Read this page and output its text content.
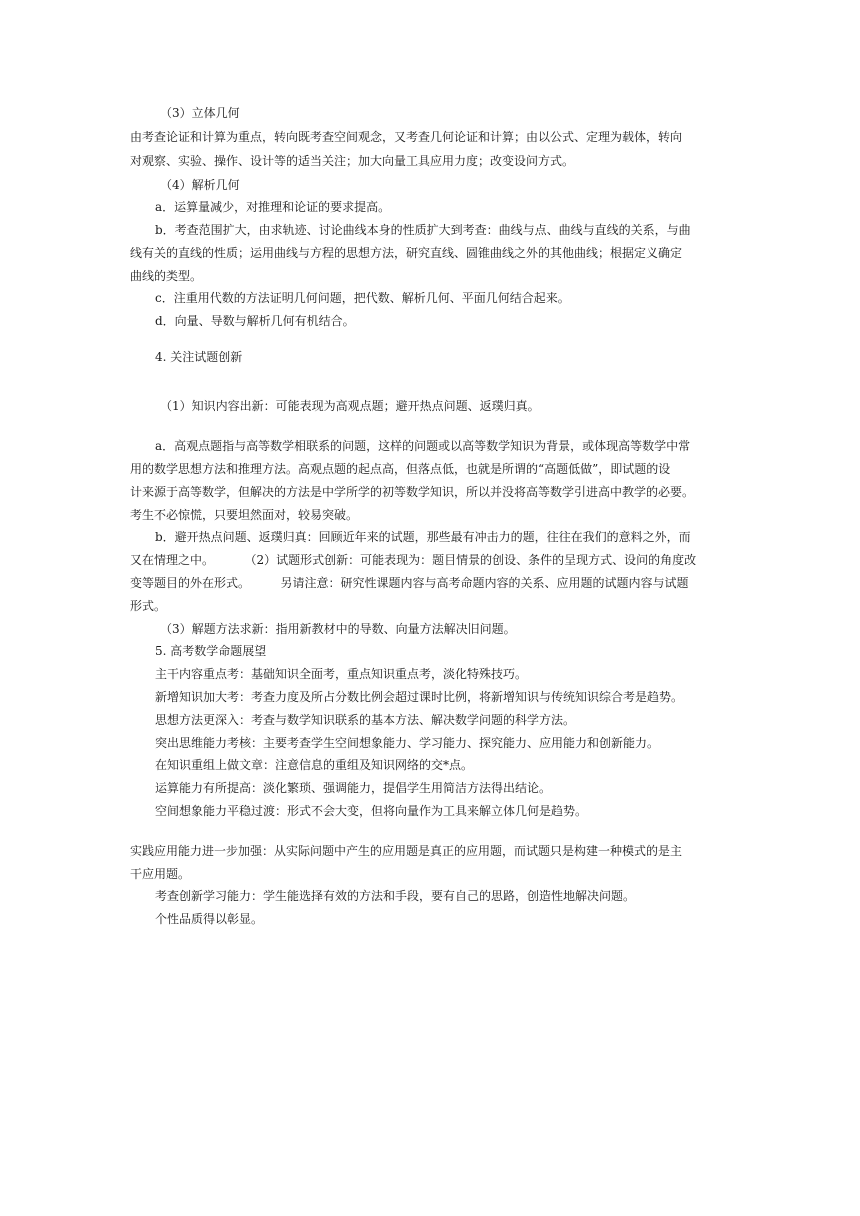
（3）立体几何
由考查论证和计算为重点，转向既考查空间观念，又考查几何论证和计算；由以公式、定理为载体，转向
对观察、实验、操作、设计等的适当关注；加大向量工具应用力度；改变设问方式。
（4）解析几何
a．运算量减少，对推理和论证的要求提高。
b．考查范围扩大，由求轨迹、讨论曲线本身的性质扩大到考查：曲线与点、曲线与直线的关系，与曲
线有关的直线的性质；运用曲线与方程的思想方法，研究直线、圆锥曲线之外的其他曲线；根据定义确定
曲线的类型。
c．注重用代数的方法证明几何问题，把代数、解析几何、平面几何结合起来。
d．向量、导数与解析几何有机结合。
4. 关注试题创新
（1）知识内容出新：可能表现为高观点题；避开热点问题、返璞归真。
a．高观点题指与高等数学相联系的问题，这样的问题或以高等数学知识为背景，或体现高等数学中常
用的数学思想方法和推理方法。高观点题的起点高，但落点低，也就是所谓的“高题低做”，即试题的设
计来源于高等数学，但解决的方法是中学所学的初等数学知识，所以并没将高等数学引进高中教学的必要。
考生不必惊慌，只要坦然面对，较易突破。
b．避开热点问题、返璞归真：回顾近年来的试题，那些最有冲击力的题，往往在我们的意料之外，而
又在情理之中。        （2）试题形式创新：可能表现为：题目情景的创设、条件的呈现方式、设问的角度改
变等题目的外在形式。        另请注意：研究性课题内容与高考命题内容的关系、应用题的试题内容与试题
形式。
（3）解题方法求新：指用新教材中的导数、向量方法解决旧问题。
5. 高考数学命题展望
主干内容重点考：基础知识全面考，重点知识重点考，淡化特殊技巧。
新增知识加大考：考查力度及所占分数比例会超过课时比例，将新增知识与传统知识综合考是趋势。
思想方法更深入：考查与数学知识联系的基本方法、解决数学问题的科学方法。
突出思维能力考核：主要考查学生空间想象能力、学习能力、探究能力、应用能力和创新能力。
在知识重组上做文章：注意信息的重组及知识网络的交*点。
运算能力有所提高：淡化繁琐、强调能力，提倡学生用简洁方法得出结论。
空间想象能力平稳过渡：形式不会大变，但将向量作为工具来解立体几何是趋势。
实践应用能力进一步加强：从实际问题中产生的应用题是真正的应用题，而试题只是构建一种模式的是主
干应用题。
考查创新学习能力：学生能选择有效的方法和手段，要有自己的思路，创造性地解决问题。
个性品质得以彰显。
